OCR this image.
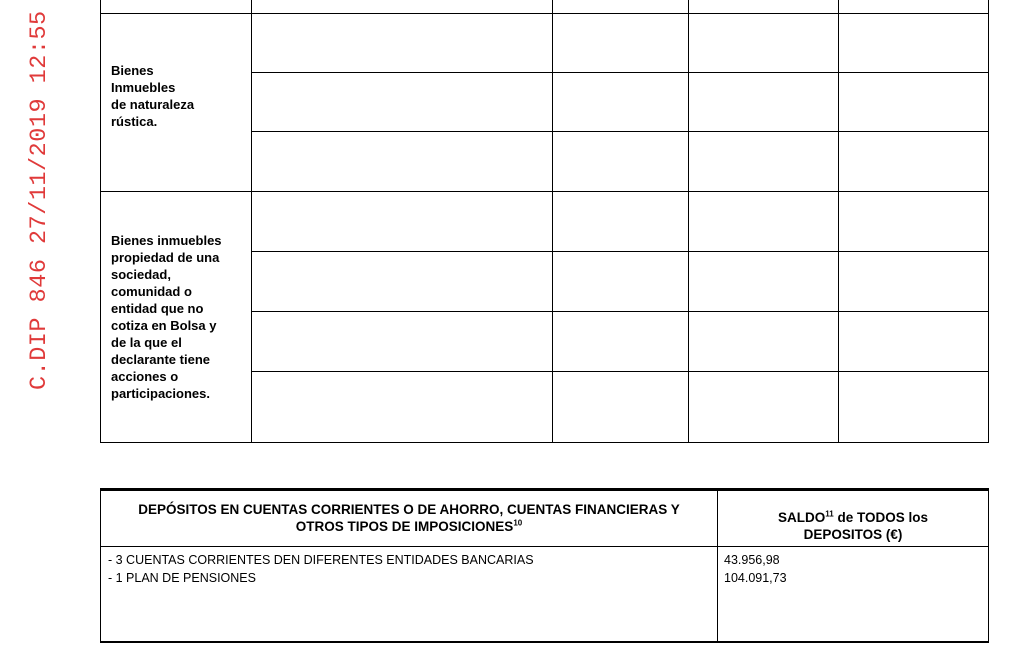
C.DIP 846 27/11/2019 12:55	Bienes
Inmuebles
de naturaleza
rústica.
Bienes inmuebles
propiedad de una
sociedad,
comunidad o
entidad que no
cotiza en Bolsa y
de la que el
declarante tiene
acciones o
participaciones.
DEPÓSITOS EN CUENTAS CORRIENTES O DE AHORRO, CUENTAS FINANCIERAS Y
OTROS TIPOS DE IMPOSICIONES$^{10}$	SALDO$^{11}$ de TODOS los
DEPOSITOS (€)
- 3 CUENTAS CORRIENTES DEN DIFERENTES ENTIDADES BANCARIAS
- 1 PLAN DE PENSIONES
43.956,98
104.091,73
